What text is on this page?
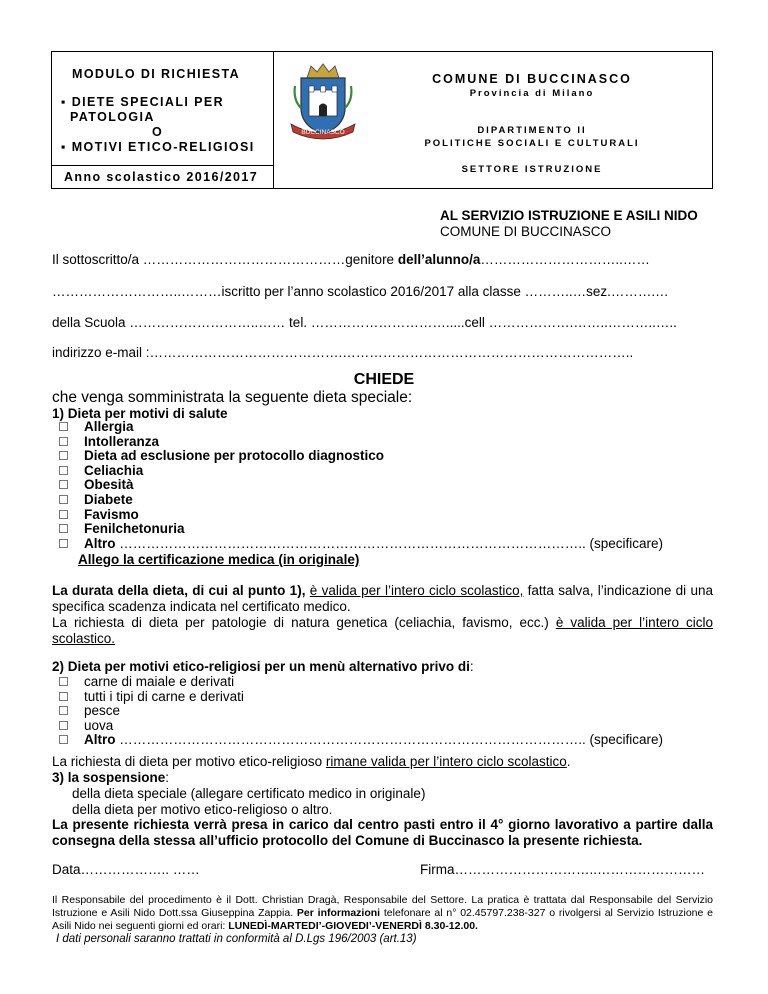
MODULO DI RICHIESTA
▪ DIETE SPECIALI PER
PATOLOGIA
O
▪ MOTIVI ETICO-RELIGIOSI
Anno scolastico 2016/2017
BUCCINASCO
COMUNE DI BUCCINASCO
Provincia di Milano
DIPARTIMENTO II
POLITICHE SOCIALI E CULTURALI
SETTORE ISTRUZIONE
AL SERVIZIO ISTRUZIONE E ASILI NIDO
COMUNE DI BUCCINASCO
Il sottoscritto/a ………………………………………genitore dell’alunno/a…………………………..……
………………………..………iscritto per l’anno scolastico 2016/2017 alla classe ………..…sez.……….…
della Scuola ………………………..…… tel. ………………………….....cell ……………….……..………..…..
indirizzo e-mail :…………………………………….………………………………………………………..
CHIEDE
che venga somministrata la seguente dieta speciale:
1) Dieta per motivi di salute
Allergia
Intolleranza
Dieta ad esclusione per protocollo diagnostico
Celiachia
Obesità
Diabete
Favismo
Fenilchetonuria
Altro ………………………………………………………………………………………….. (specificare)
Allego la certificazione medica (in originale)
La durata della dieta, di cui al punto 1), è valida per l’intero ciclo scolastico, fatta salva, l’indicazione di una specifica scadenza indicata nel certificato medico.
La richiesta di dieta per patologie di natura genetica (celiachia, favismo, ecc.) è valida per l’intero ciclo scolastico.
2) Dieta per motivi etico-religiosi per un menù alternativo privo di:
carne di maiale e derivati
tutti i tipi di carne e derivati
pesce
uova
Altro ………………………………………………………………………………………….. (specificare)
La richiesta di dieta per motivo etico-religioso rimane valida per l’intero ciclo scolastico.
3) la sospensione:
della dieta speciale (allegare certificato medico in originale)
della dieta per motivo etico-religioso o altro.
La presente richiesta verrà presa in carico dal centro pasti entro il 4° giorno lavorativo a partire dalla consegna della stessa all’ufficio protocollo del Comune di Buccinasco la presente richiesta.
Data……………….. ……	Firma…………………………..……………………
Il Responsabile del procedimento è il Dott. Christian Dragà, Responsabile del Settore. La pratica è trattata dal Responsabile del Servizio Istruzione e Asili Nido Dott.ssa Giuseppina Zappia. Per informazioni telefonare al n° 02.45797.238-327 o rivolgersi al Servizio Istruzione e Asili Nido nei seguenti giorni ed orari: LUNEDÌ-MARTEDI’-GIOVEDI’-VENERDÌ 8.30-12.00.
I dati personali saranno trattati in conformità al D.Lgs 196/2003 (art.13)
